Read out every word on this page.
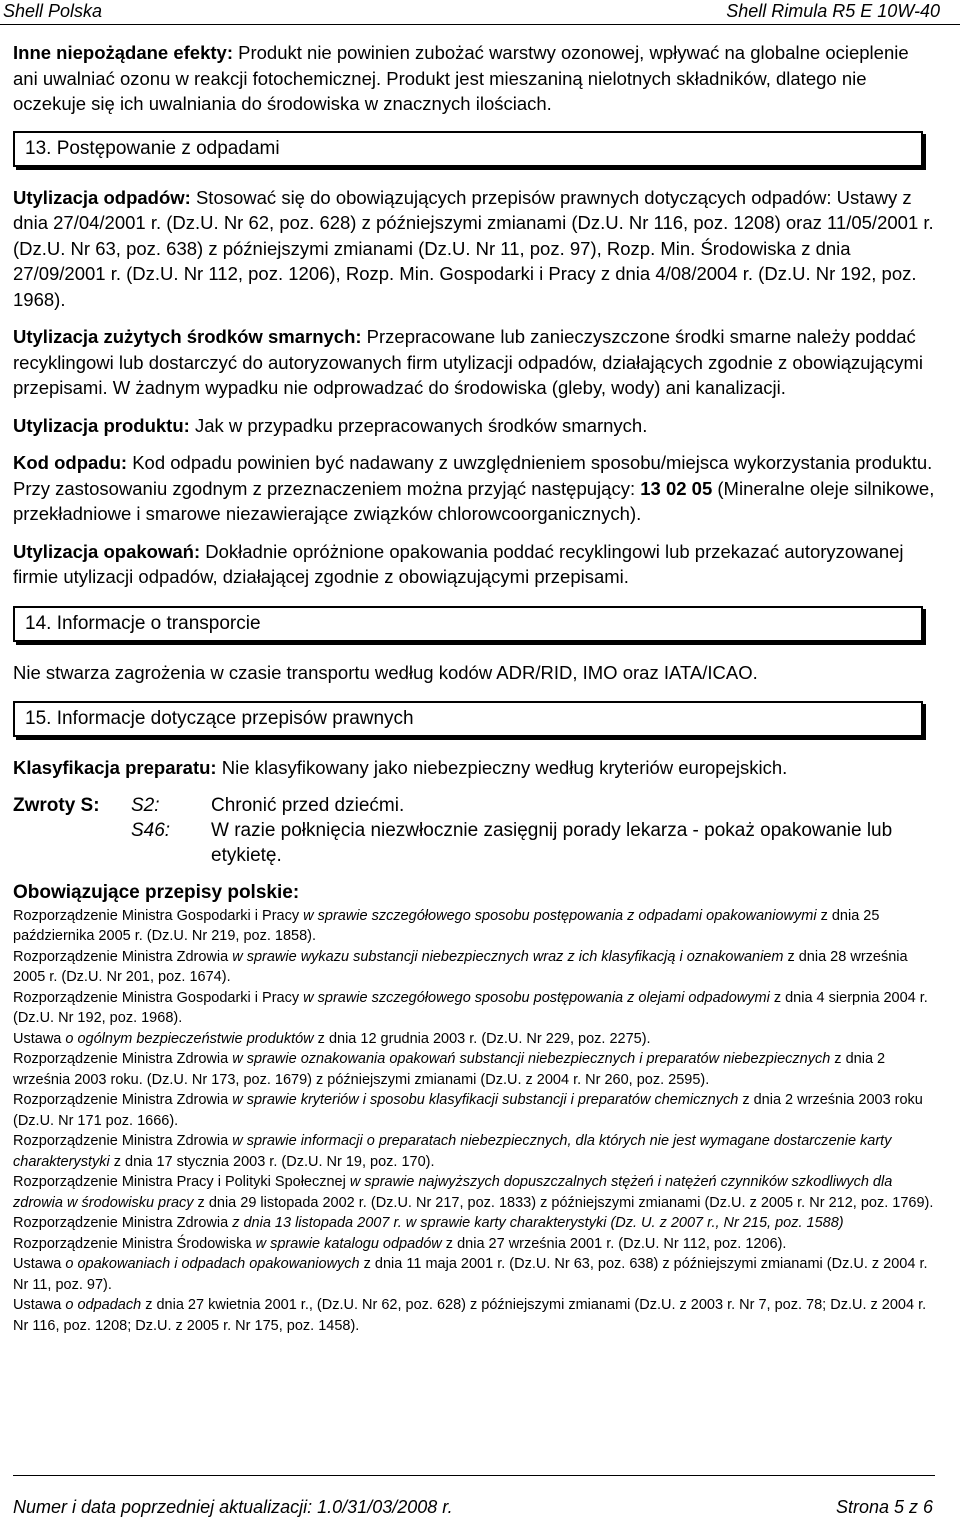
Shell Polska	Shell Rimula R5 E 10W-40

Inne niepożądane efekty: Produkt nie powinien zubożać warstwy ozonowej, wpływać na globalne ocieplenie ani uwalniać ozonu w reakcji fotochemicznej. Produkt jest mieszaniną nielotnych składników, dlatego nie oczekuje się ich uwalniania do środowiska w znacznych ilościach.

13. Postępowanie z odpadami

Utylizacja odpadów: Stosować się do obowiązujących przepisów prawnych dotyczących odpadów: Ustawy z dnia 27/04/2001 r. (Dz.U. Nr 62, poz. 628) z późniejszymi zmianami (Dz.U. Nr 116, poz. 1208) oraz 11/05/2001 r. (Dz.U. Nr 63, poz. 638) z późniejszymi zmianami (Dz.U. Nr 11, poz. 97), Rozp. Min. Środowiska z dnia 27/09/2001 r. (Dz.U. Nr 112, poz. 1206), Rozp. Min. Gospodarki i Pracy z dnia 4/08/2004 r. (Dz.U. Nr 192, poz. 1968).

Utylizacja zużytych środków smarnych: Przepracowane lub zanieczyszczone środki smarne należy poddać recyklingowi lub dostarczyć do autoryzowanych firm utylizacji odpadów, działających zgodnie z obowiązującymi przepisami. W żadnym wypadku nie odprowadzać do środowiska (gleby, wody) ani kanalizacji.

Utylizacja produktu: Jak w przypadku przepracowanych środków smarnych.

Kod odpadu: Kod odpadu powinien być nadawany z uwzględnieniem sposobu/miejsca wykorzystania produktu. Przy zastosowaniu zgodnym z przeznaczeniem można przyjąć następujący: 13 02 05 (Mineralne oleje silnikowe, przekładniowe i smarowe niezawierające związków chlorowcoorganicznych).

Utylizacja opakowań: Dokładnie opróżnione opakowania poddać recyklingowi lub przekazać autoryzowanej firmie utylizacji odpadów, działającej zgodnie z obowiązującymi przepisami.

14. Informacje o transporcie

Nie stwarza zagrożenia w czasie transportu według kodów ADR/RID, IMO oraz IATA/ICAO.

15. Informacje dotyczące przepisów prawnych

Klasyfikacja preparatu: Nie klasyfikowany jako niebezpieczny według kryteriów europejskich.

Zwroty S:	S2:	Chronić przed dziećmi.
S46:	W razie połknięcia niezwłocznie zasięgnij porady lekarza - pokaż opakowanie lub etykietę.

Obowiązujące przepisy polskie:

Rozporządzenie Ministra Gospodarki i Pracy w sprawie szczegółowego sposobu postępowania z odpadami opakowaniowymi z dnia 25 października 2005 r. (Dz.U. Nr 219, poz. 1858).

Rozporządzenie Ministra Zdrowia w sprawie wykazu substancji niebezpiecznych wraz z ich klasyfikacją i oznakowaniem z dnia 28 września 2005 r. (Dz.U. Nr 201, poz. 1674).

Rozporządzenie Ministra Gospodarki i Pracy w sprawie szczegółowego sposobu postępowania z olejami odpadowymi z dnia 4 sierpnia 2004 r. (Dz.U. Nr 192, poz. 1968).

Ustawa o ogólnym bezpieczeństwie produktów z dnia 12 grudnia 2003 r. (Dz.U. Nr 229, poz. 2275).

Rozporządzenie Ministra Zdrowia w sprawie oznakowania opakowań substancji niebezpiecznych i preparatów niebezpiecznych z dnia 2 września 2003 roku. (Dz.U. Nr 173, poz. 1679) z późniejszymi zmianami (Dz.U. z 2004 r. Nr 260, poz. 2595).

Rozporządzenie Ministra Zdrowia w sprawie kryteriów i sposobu klasyfikacji substancji i preparatów chemicznych z dnia 2 września 2003 roku (Dz.U. Nr 171 poz. 1666).

Rozporządzenie Ministra Zdrowia w sprawie informacji o preparatach niebezpiecznych, dla których nie jest wymagane dostarczenie karty charakterystyki z dnia 17 stycznia 2003 r. (Dz.U. Nr 19, poz. 170).

Rozporządzenie Ministra Pracy i Polityki Społecznej w sprawie najwyższych dopuszczalnych stężeń i natężeń czynników szkodliwych dla zdrowia w środowisku pracy z dnia 29 listopada 2002 r. (Dz.U. Nr 217, poz. 1833) z późniejszymi zmianami (Dz.U. z 2005 r. Nr 212, poz. 1769).

Rozporządzenie Ministra Zdrowia z dnia 13 listopada 2007 r. w sprawie karty charakterystyki (Dz. U. z 2007 r., Nr 215, poz. 1588)

Rozporządzenie Ministra Środowiska w sprawie katalogu odpadów z dnia 27 września 2001 r. (Dz.U. Nr 112, poz. 1206).

Ustawa o opakowaniach i odpadach opakowaniowych z dnia 11 maja 2001 r. (Dz.U. Nr 63, poz. 638) z późniejszymi zmianami (Dz.U. z 2004 r. Nr 11, poz. 97).

Ustawa o odpadach z dnia 27 kwietnia 2001 r., (Dz.U. Nr 62, poz. 628) z późniejszymi zmianami (Dz.U. z 2003 r. Nr 7, poz. 78; Dz.U. z 2004 r. Nr 116, poz. 1208; Dz.U. z 2005 r. Nr 175, poz. 1458).

Numer i data poprzedniej aktualizacji: 1.0/31/03/2008 r.	Strona 5 z 6
